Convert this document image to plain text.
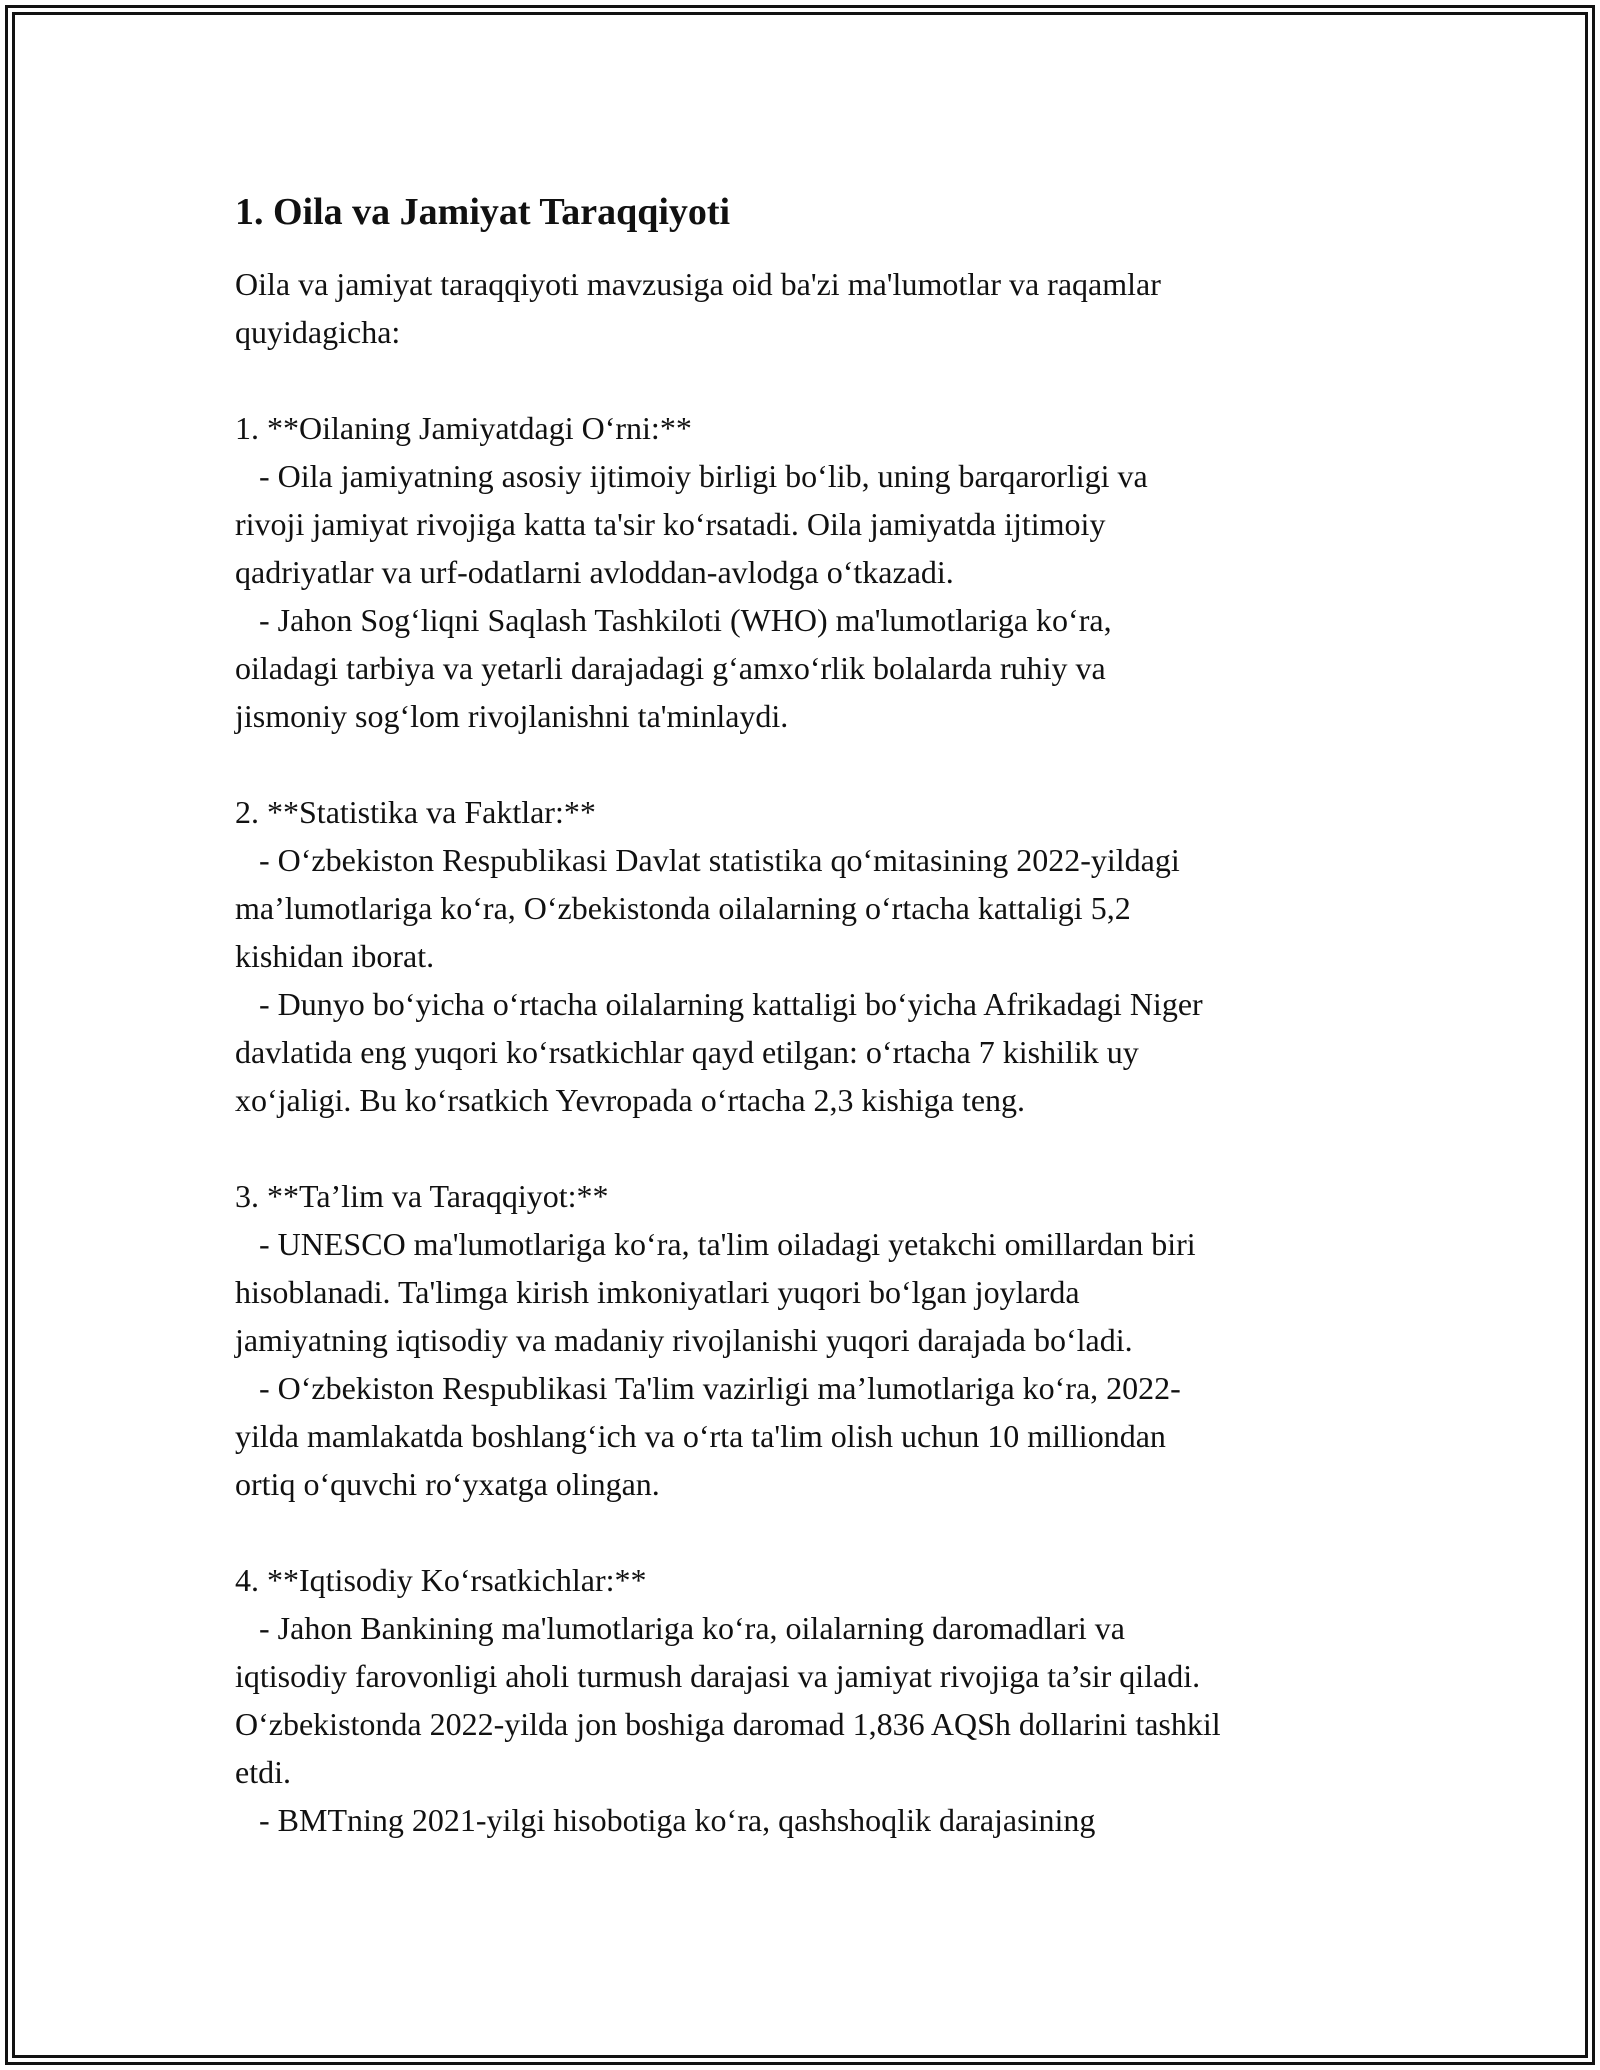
1. Oila va Jamiyat Taraqqiyoti

Oila va jamiyat taraqqiyoti mavzusiga oid ba'zi ma'lumotlar va raqamlar
quyidagicha:

1. **Oilaning Jamiyatdagi O‘rni:**

- Oila jamiyatning asosiy ijtimoiy birligi bo‘lib, uning barqarorligi va
rivoji jamiyat rivojiga katta ta'sir ko‘rsatadi. Oila jamiyatda ijtimoiy
qadriyatlar va urf-odatlarni avloddan-avlodga o‘tkazadi.

- Jahon Sog‘liqni Saqlash Tashkiloti (WHO) ma'lumotlariga ko‘ra,
oiladagi tarbiya va yetarli darajadagi g‘amxo‘rlik bolalarda ruhiy va
jismoniy sog‘lom rivojlanishni ta'minlaydi.

2. **Statistika va Faktlar:**

- O‘zbekiston Respublikasi Davlat statistika qo‘mitasining 2022-yildagi
ma’lumotlariga ko‘ra, O‘zbekistonda oilalarning o‘rtacha kattaligi 5,2
kishidan iborat.

- Dunyo bo‘yicha o‘rtacha oilalarning kattaligi bo‘yicha Afrikadagi Niger
davlatida eng yuqori ko‘rsatkichlar qayd etilgan: o‘rtacha 7 kishilik uy
xo‘jaligi. Bu ko‘rsatkich Yevropada o‘rtacha 2,3 kishiga teng.

3. **Ta’lim va Taraqqiyot:**

- UNESCO ma'lumotlariga ko‘ra, ta'lim oiladagi yetakchi omillardan biri
hisoblanadi. Ta'limga kirish imkoniyatlari yuqori bo‘lgan joylarda
jamiyatning iqtisodiy va madaniy rivojlanishi yuqori darajada bo‘ladi.

- O‘zbekiston Respublikasi Ta'lim vazirligi ma’lumotlariga ko‘ra, 2022-
yilda mamlakatda boshlang‘ich va o‘rta ta'lim olish uchun 10 milliondan
ortiq o‘quvchi ro‘yxatga olingan.

4. **Iqtisodiy Ko‘rsatkichlar:**

- Jahon Bankining ma'lumotlariga ko‘ra, oilalarning daromadlari va
iqtisodiy farovonligi aholi turmush darajasi va jamiyat rivojiga ta’sir qiladi.
O‘zbekistonda 2022-yilda jon boshiga daromad 1,836 AQSh dollarini tashkil
etdi.

- BMTning 2021-yilgi hisobotiga ko‘ra, qashshoqlik darajasining
